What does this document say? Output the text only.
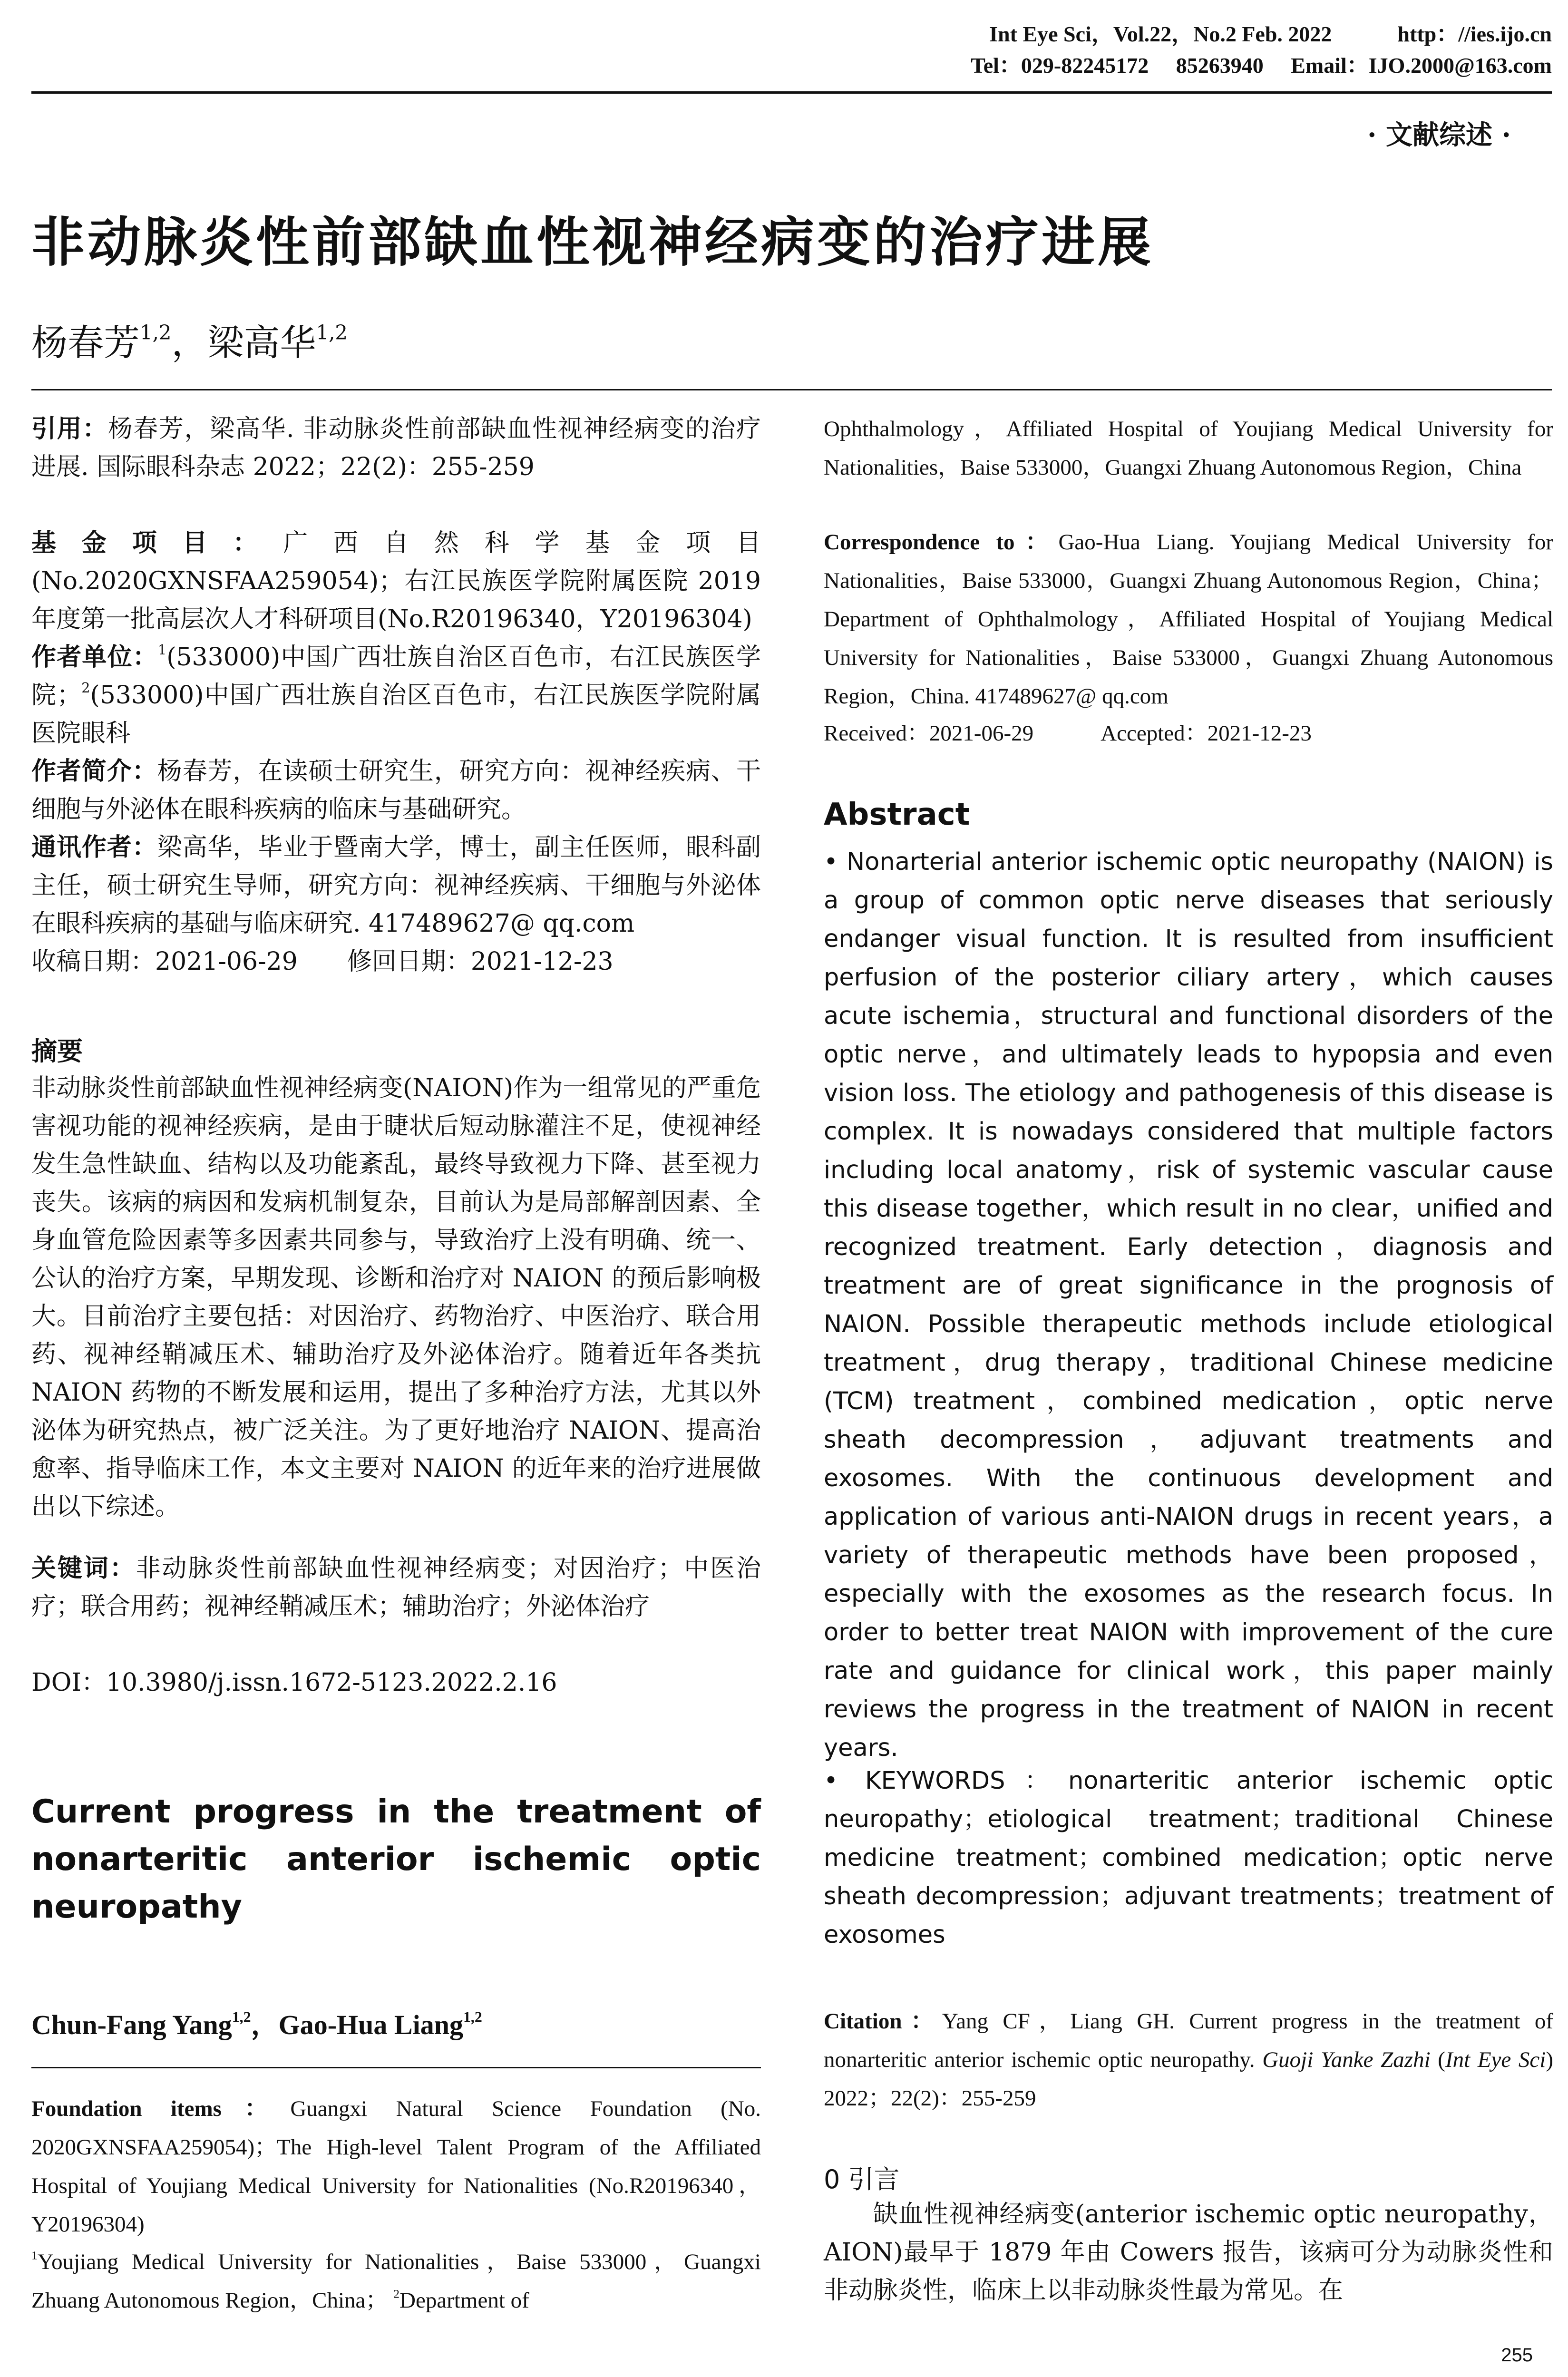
Int Eye Sci，Vol.22，No.2 Feb. 2022　　　http：//ies.ijo.cn
Tel：029-82245172　 85263940　 Email：IJO.2000@163.com
· 文献综述 ·
非动脉炎性前部缺血性视神经病变的治疗进展
杨春芳$^{1,2}$，梁高华$^{1,2}$
引用：杨春芳，梁高华. 非动脉炎性前部缺血性视神经病变的治疗进展. 国际眼科杂志 2022；22(2)：255-259
基金项目：广西自然科学基金项目(No.2020GXNSFAA259054)；右江民族医学院附属医院 2019 年度第一批高层次人才科研项目(No.R20196340，Y20196304)
作者单位：$^1$(533000)中国广西壮族自治区百色市，右江民族医学院；$^2$(533000)中国广西壮族自治区百色市，右江民族医学院附属医院眼科
作者简介：杨春芳，在读硕士研究生，研究方向：视神经疾病、干细胞与外泌体在眼科疾病的临床与基础研究。
通讯作者：梁高华，毕业于暨南大学，博士，副主任医师，眼科副主任，硕士研究生导师，研究方向：视神经疾病、干细胞与外泌体在眼科疾病的基础与临床研究. 417489627@ qq.com
收稿日期：2021-06-29　　修回日期：2021-12-23
摘要
非动脉炎性前部缺血性视神经病变(NAION)作为一组常见的严重危害视功能的视神经疾病，是由于睫状后短动脉灌注不足，使视神经发生急性缺血、结构以及功能紊乱，最终导致视力下降、甚至视力丧失。该病的病因和发病机制复杂，目前认为是局部解剖因素、全身血管危险因素等多因素共同参与，导致治疗上没有明确、统一、公认的治疗方案，早期发现、诊断和治疗对 NAION 的预后影响极大。目前治疗主要包括：对因治疗、药物治疗、中医治疗、联合用药、视神经鞘减压术、辅助治疗及外泌体治疗。随着近年各类抗 NAION 药物的不断发展和运用，提出了多种治疗方法，尤其以外泌体为研究热点，被广泛关注。为了更好地治疗 NAION、提高治愈率、指导临床工作，本文主要对 NAION 的近年来的治疗进展做出以下综述。
关键词：非动脉炎性前部缺血性视神经病变；对因治疗；中医治疗；联合用药；视神经鞘减压术；辅助治疗；外泌体治疗
DOI：10.3980/j.issn.1672-5123.2022.2.16
Current progress in the treatment of nonarteritic anterior ischemic optic neuropathy
Chun-Fang Yang$^{1,2}$，Gao-Hua Liang$^{1,2}$
Foundation items：Guangxi Natural Science Foundation (No. 2020GXNSFAA259054)；The High-level Talent Program of the Affiliated Hospital of Youjiang Medical University for Nationalities (No.R20196340，Y20196304)
$^1$Youjiang Medical University for Nationalities，Baise 533000，Guangxi Zhuang Autonomous Region，China； $^2$Department of
Ophthalmology，Affiliated Hospital of Youjiang Medical University for Nationalities，Baise 533000，Guangxi Zhuang Autonomous Region，China
Correspondence to：Gao-Hua Liang. Youjiang Medical University for Nationalities，Baise 533000，Guangxi Zhuang Autonomous Region，China；Department of Ophthalmology，Affiliated Hospital of Youjiang Medical University for Nationalities，Baise 533000，Guangxi Zhuang Autonomous Region，China. 417489627@ qq.com
Received：2021-06-29　　　	Accepted：2021-12-23
Abstract
• Nonarterial anterior ischemic optic neuropathy (NAION) is a group of common optic nerve diseases that seriously endanger visual function. It is resulted from insufficient perfusion of the posterior ciliary artery，which causes acute ischemia，structural and functional disorders of the optic nerve，and ultimately leads to hypopsia and even vision loss. The etiology and pathogenesis of this disease is complex. It is nowadays considered that multiple factors including local anatomy，risk of systemic vascular cause this disease together，which result in no clear，unified and recognized treatment. Early detection，diagnosis and treatment are of great significance in the prognosis of NAION. Possible therapeutic methods include etiological treatment，drug therapy，traditional Chinese medicine (TCM) treatment，combined medication，optic nerve sheath decompression，adjuvant treatments and exosomes. With the continuous development and application of various anti-NAION drugs in recent years，a variety of therapeutic methods have been proposed，especially with the exosomes as the research focus. In order to better treat NAION with improvement of the cure rate and guidance for clinical work，this paper mainly reviews the progress in the treatment of NAION in recent years.
• KEYWORDS：nonarteritic anterior ischemic optic neuropathy；etiological treatment；traditional Chinese medicine treatment；combined medication；optic nerve sheath decompression；adjuvant treatments；treatment of exosomes
Citation：Yang CF，Liang GH. Current progress in the treatment of nonarteritic anterior ischemic optic neuropathy. Guoji Yanke Zazhi (Int Eye Sci) 2022；22(2)：255-259
0 引言
缺血性视神经病变(anterior ischemic optic neuropathy，AION)最早于 1879 年由 Cowers 报告，该病可分为动脉炎性和非动脉炎性，临床上以非动脉炎性最为常见。在
255
